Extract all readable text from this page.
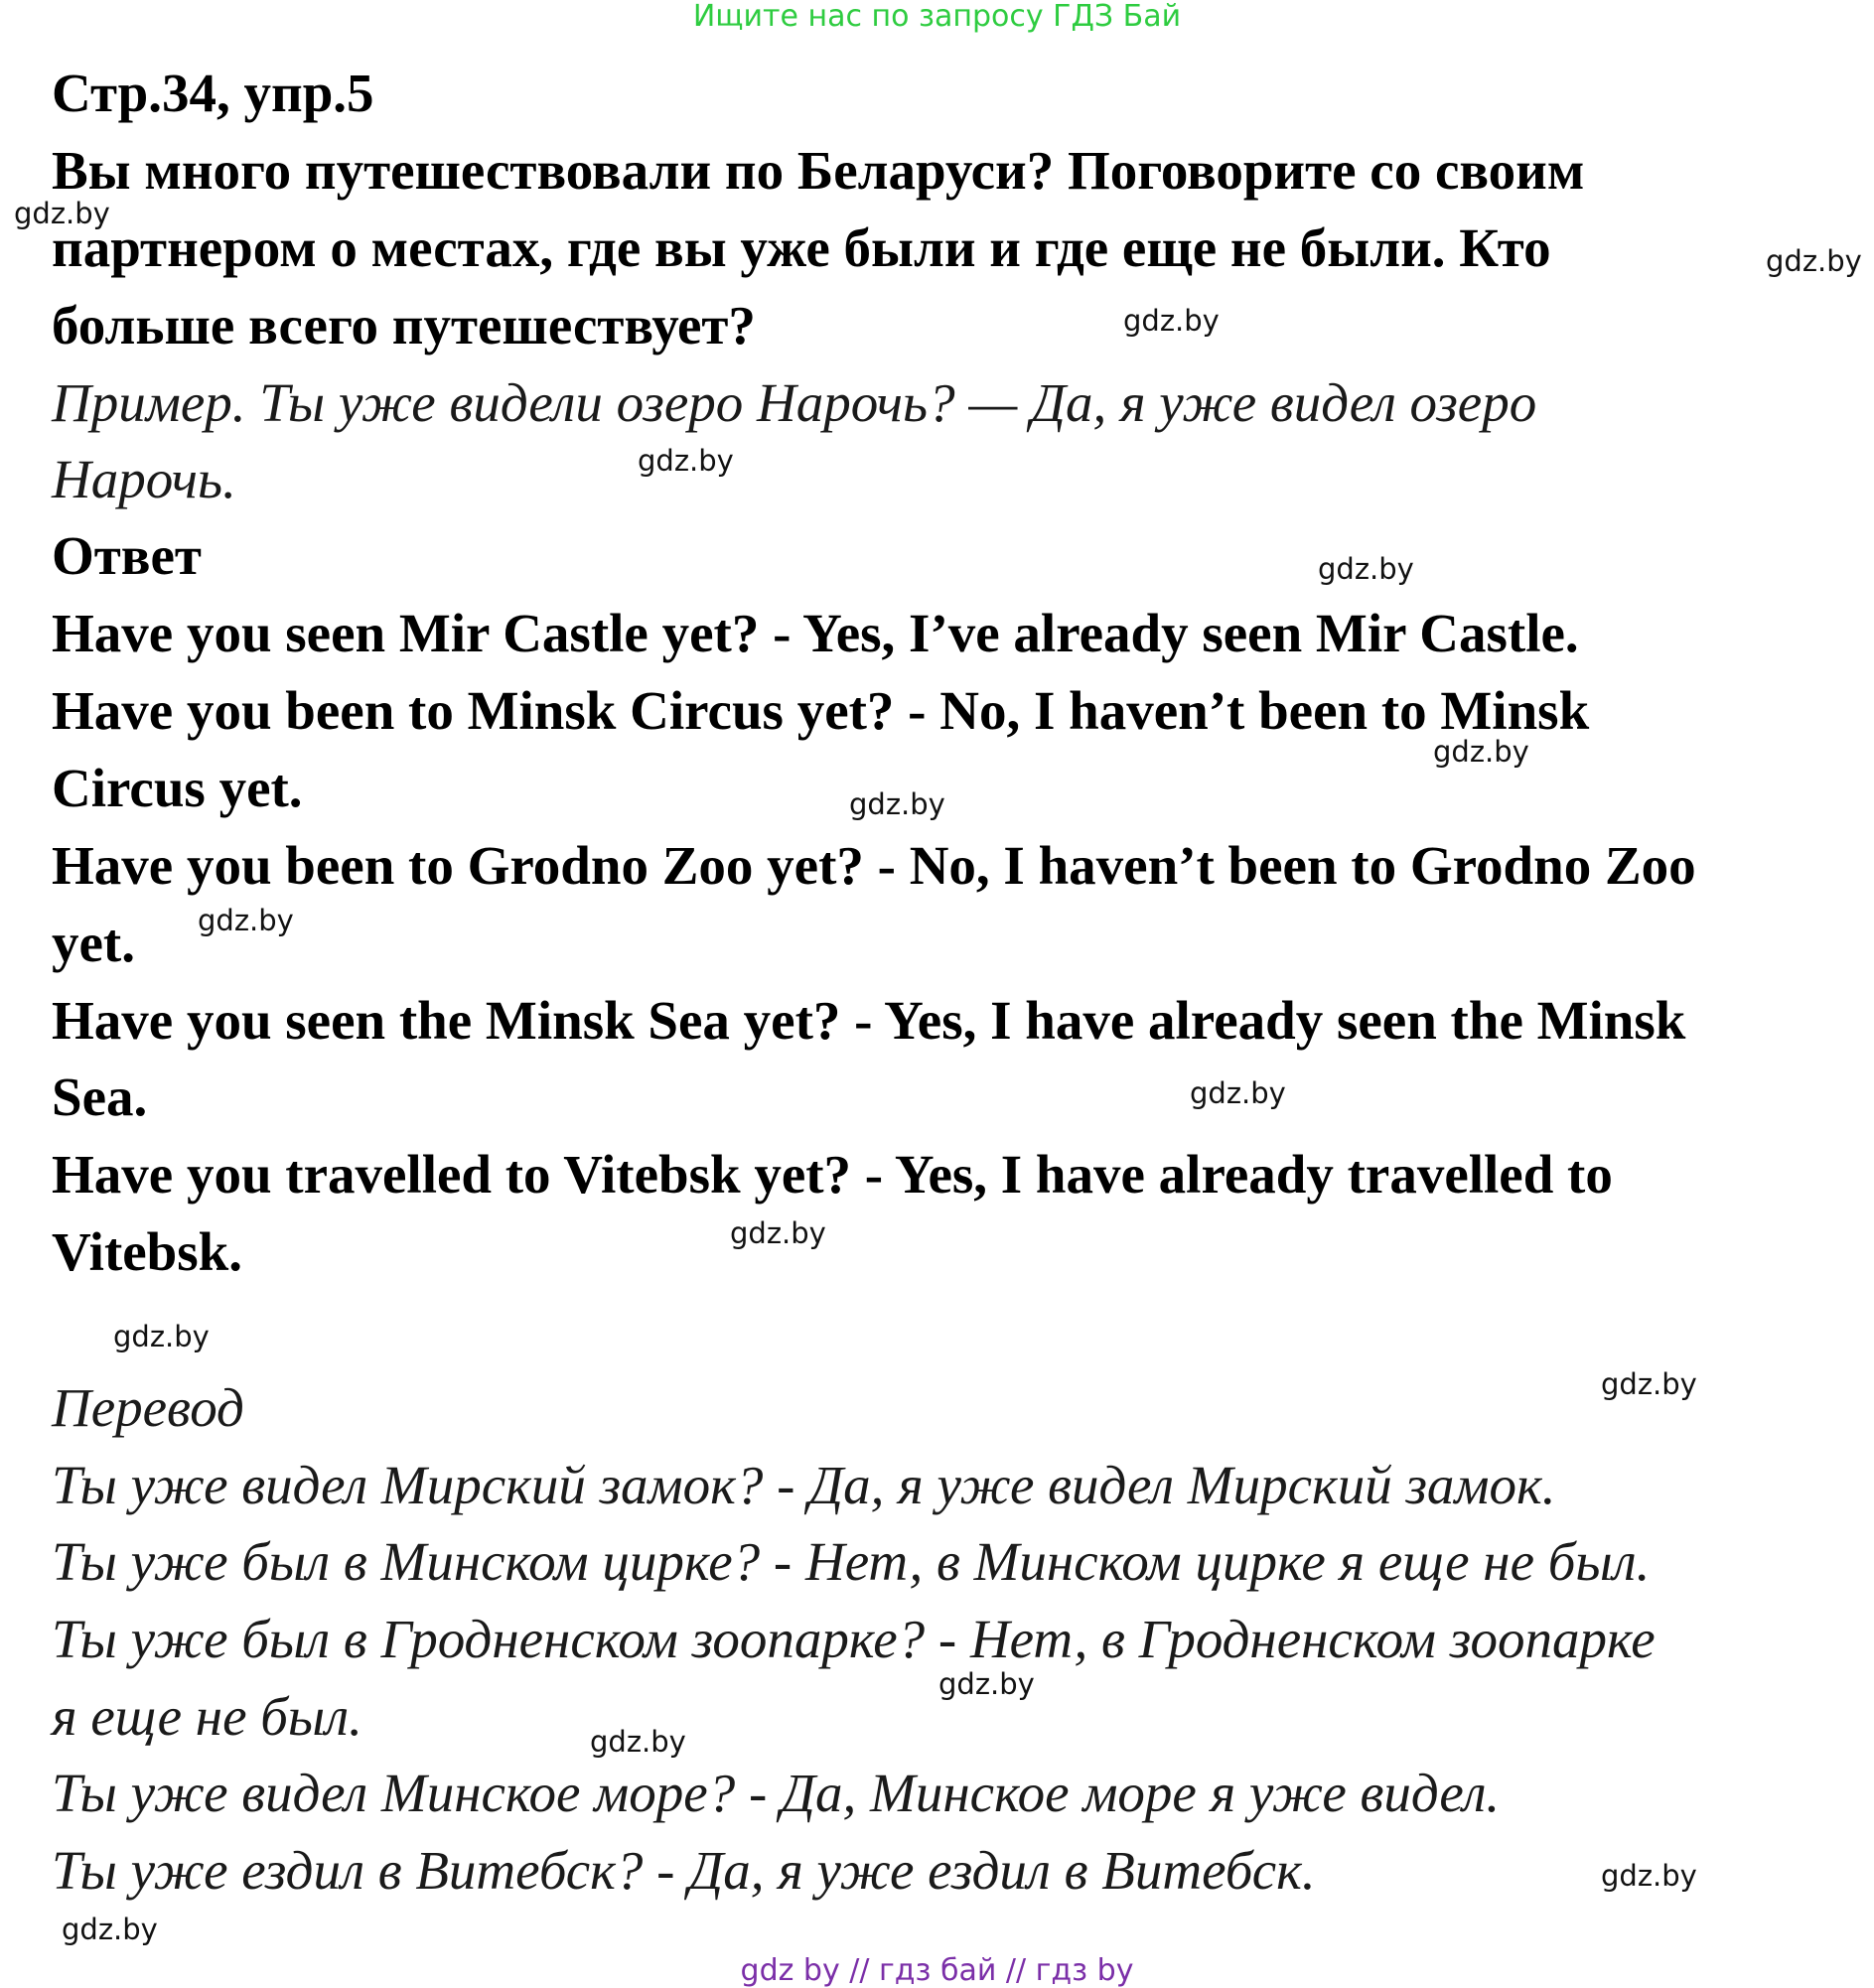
Ищите нас по запросу ГДЗ Бай
Стр.34, упр.5
Вы много путешествовали по Беларуси? Поговорите со своим
партнером о местах, где вы уже были и где еще не были. Кто
больше всего путешествует?
Пример. Ты уже видели озеро Нарочь? — Да, я уже видел озеро
Нарочь.
Ответ
Have you seen Mir Castle yet? - Yes, I’ve already seen Mir Castle.
Have you been to Minsk Circus yet? - No, I haven’t been to Minsk
Circus yet.
Have you been to Grodno Zoo yet? - No, I haven’t been to Grodno Zoo
yet.
Have you seen the Minsk Sea yet? - Yes, I have already seen the Minsk
Sea.
Have you travelled to Vitebsk yet? - Yes, I have already travelled to
Vitebsk.
Перевод
Ты уже видел Мирский замок? - Да, я уже видел Мирский замок.
Ты уже был в Минском цирке? - Нет, в Минском цирке я еще не был.
Ты уже был в Гродненском зоопарке? - Нет, в Гродненском зоопарке
я еще не был.
Ты уже видел Минское море? - Да, Минское море я уже видел.
Ты уже ездил в Витебск? - Да, я уже ездил в Витебск.
gdz.by
gdz.by
gdz.by
gdz.by
gdz.by
gdz.by
gdz.by
gdz.by
gdz.by
gdz.by
gdz.by
gdz.by
gdz.by
gdz.by
gdz.by
gdz.by
gdz by // гдз бай // гдз by
